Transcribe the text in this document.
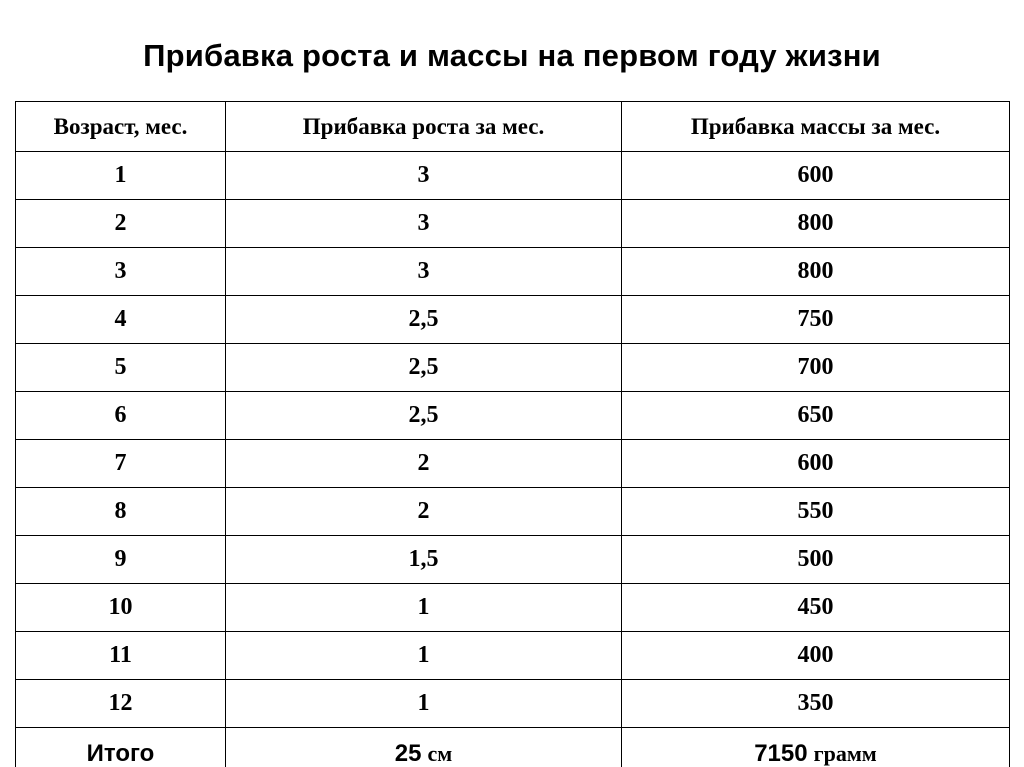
Прибавка роста и массы на первом году жизни
Возраст, мес.	Прибавка роста за мес.	Прибавка массы за мес.
1	3	600
2	3	800
3	3	800
4	2,5	750
5	2,5	700
6	2,5	650
7	2	600
8	2	550
9	1,5	500
10	1	450
11	1	400
12	1	350
Итого	25 см	7150 грамм
